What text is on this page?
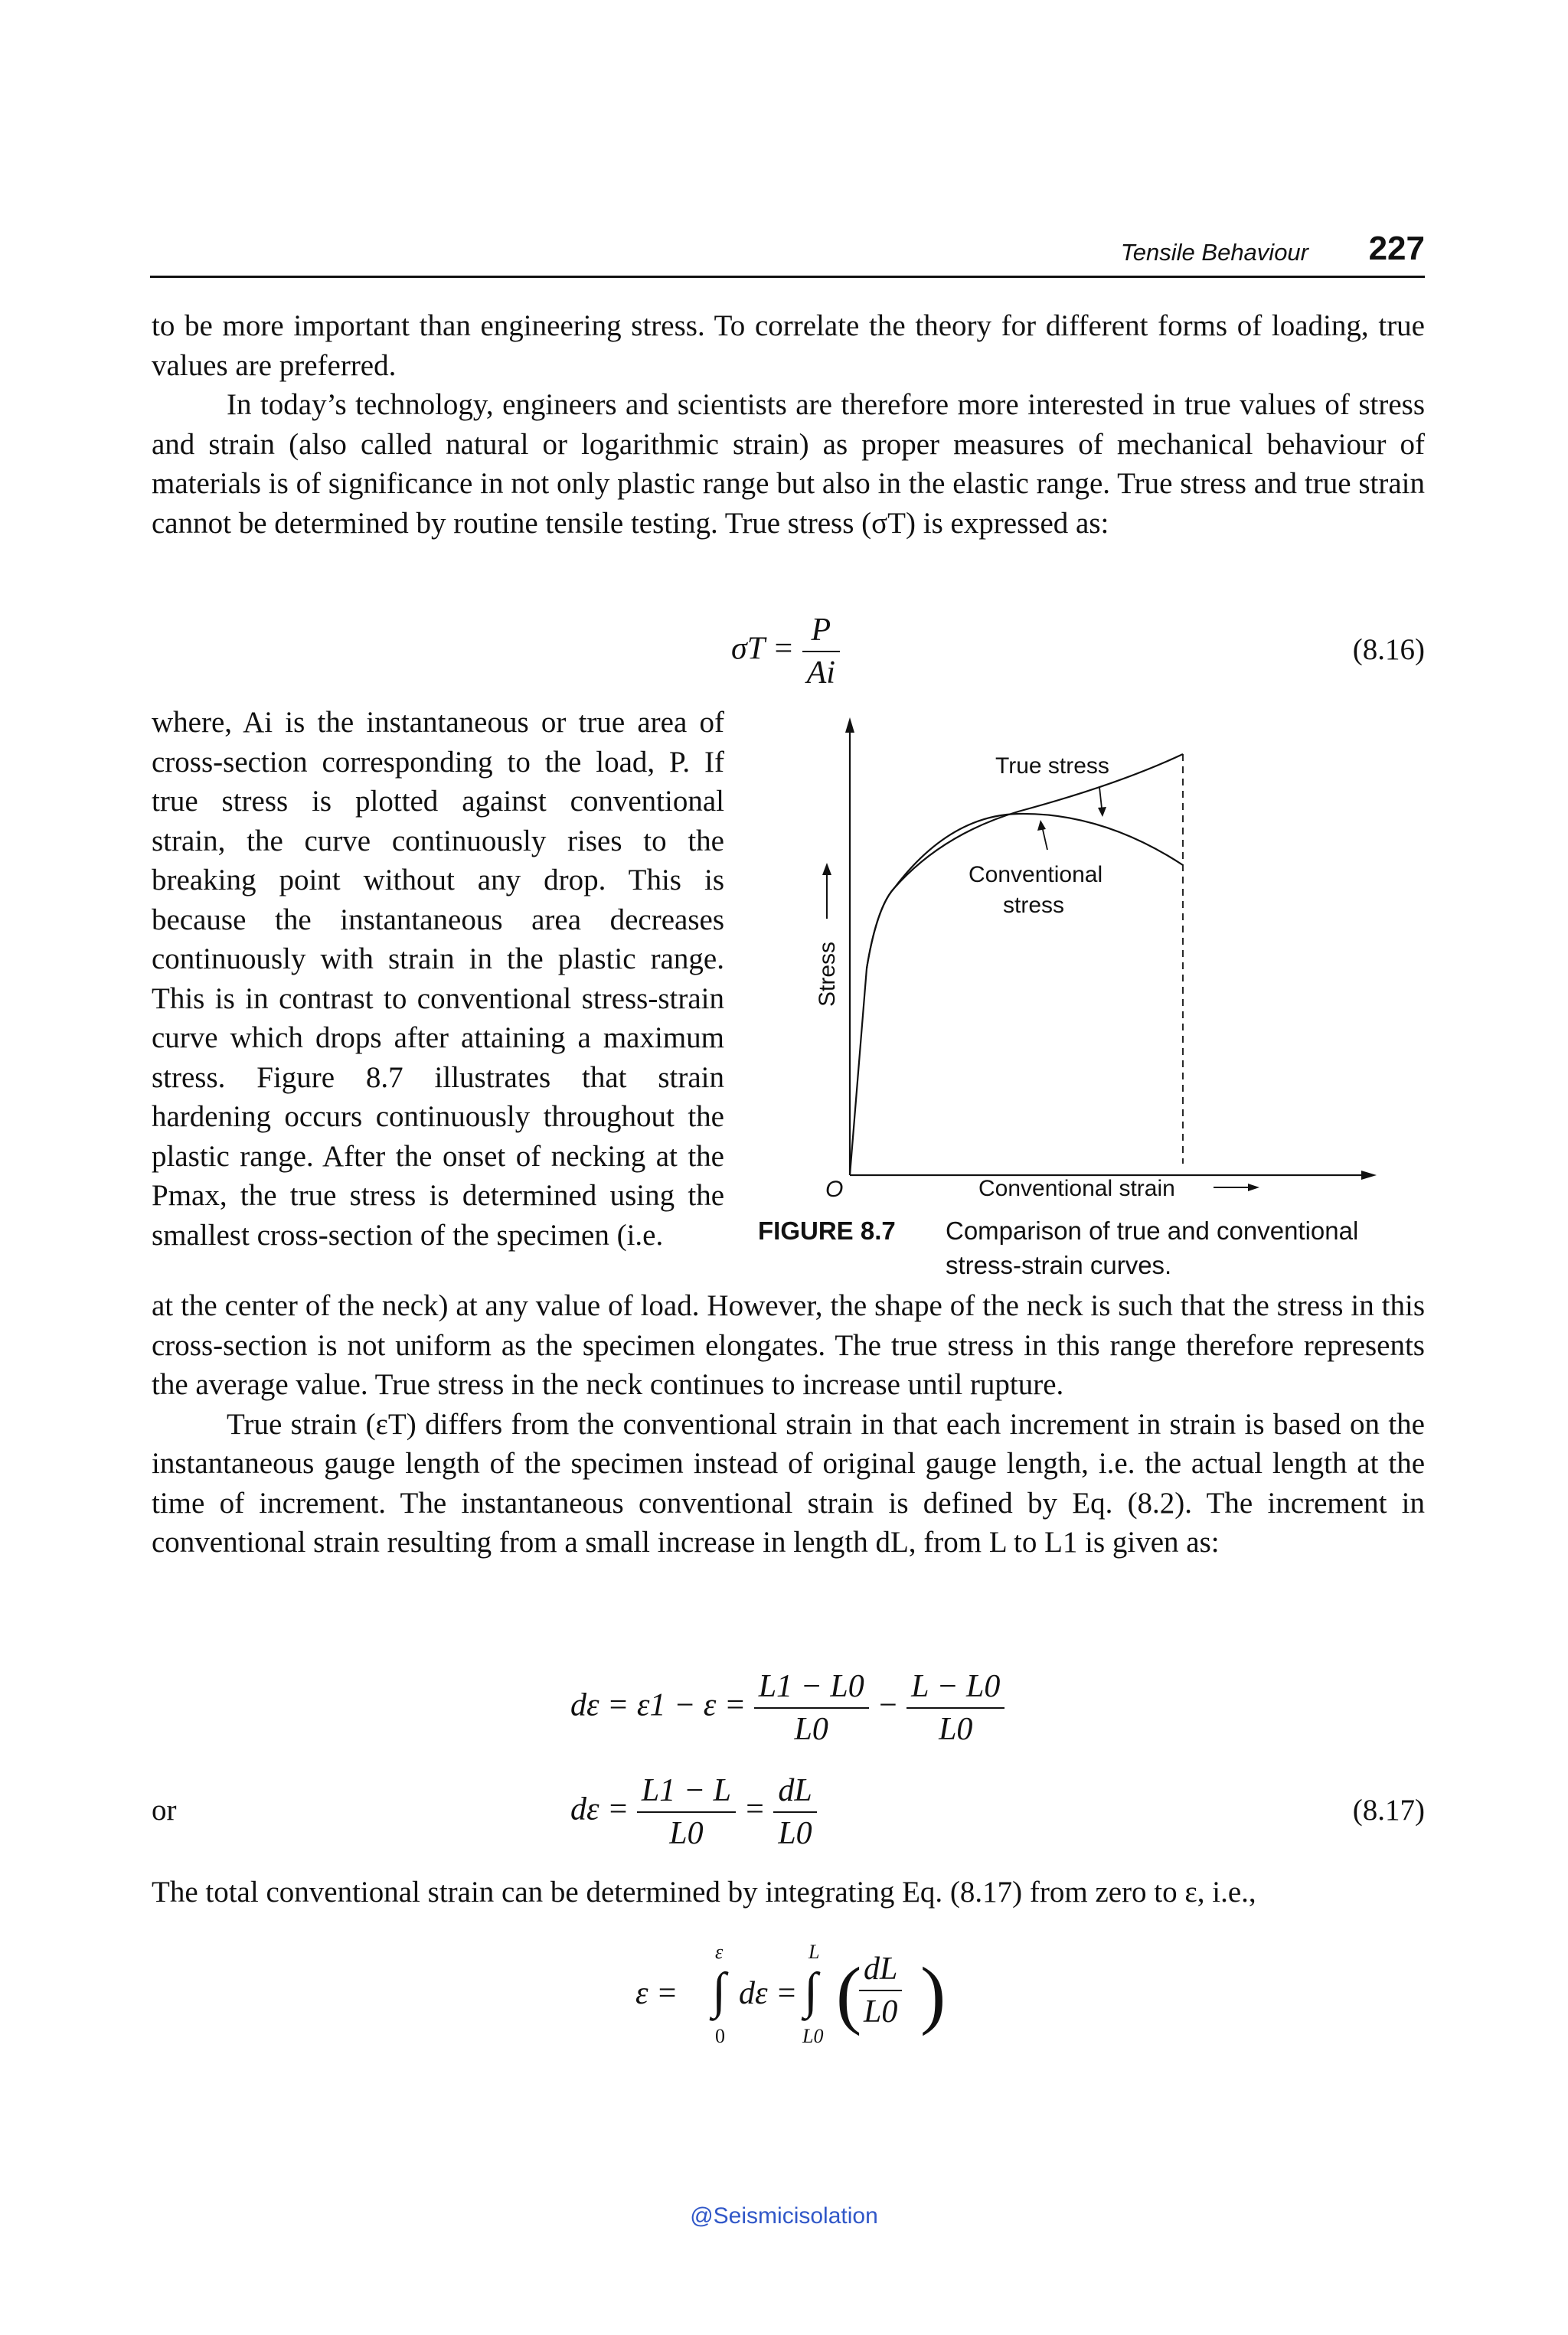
Tensile Behaviour 227

to be more important than engineering stress. To correlate the theory for different forms of loading, true values are preferred.

In today’s technology, engineers and scientists are therefore more interested in true values of stress and strain (also called natural or logarithmic strain) as proper measures of mechanical behaviour of materials is of significance in not only plastic range but also in the elastic range. True stress and true strain cannot be determined by routine tensile testing. True stress (σT) is expressed as:

$\sigma T = \frac{P}{Ai}$	(8.16)
where, Ai is the instantaneous or true area of cross-section corresponding to the load, P. If true stress is plotted against conventional strain, the curve continuously rises to the breaking point without any drop. This is because the instantaneous area decreases continuously with strain in the plastic range. This is in contrast to conventional stress-strain curve which drops after attaining a maximum stress. Figure 8.7 illustrates that strain hardening occurs continuously throughout the plastic range. After the onset of necking at the Pmax, the true stress is determined using the smallest cross-section of the specimen (i.e.
True stress
Conventional
stress
Stress
Conventional strain
O
FIGURE 8.7 Comparison of true and conventional
stress-strain curves.

at the center of the neck) at any value of load. However, the shape of the neck is such that the stress in this cross-section is not uniform as the specimen elongates. The true stress in this range therefore represents the average value. True stress in the neck continues to increase until rupture.

True strain (εT) differs from the conventional strain in that each increment in strain is based on the instantaneous gauge length of the specimen instead of original gauge length, i.e. the actual length at the time of increment. The instantaneous conventional strain is defined by Eq. (8.2). The increment in conventional strain resulting from a small increase in length dL, from L to L1 is given as:

$d\varepsilon = \varepsilon 1 - \varepsilon = \frac{L1 - L0}{L0} - \frac{L - L0}{L0}$
or	$d\varepsilon = \frac{L1 - L}{L0} = \frac{dL}{L0}$	(8.17)
The total conventional strain can be determined by integrating Eq. (8.17) from zero to ε, i.e.,
ε = ∫
ε
0
dε = ∫
L
L0 (
$\frac{dL}{L0}$ )
@Seismicisolation
